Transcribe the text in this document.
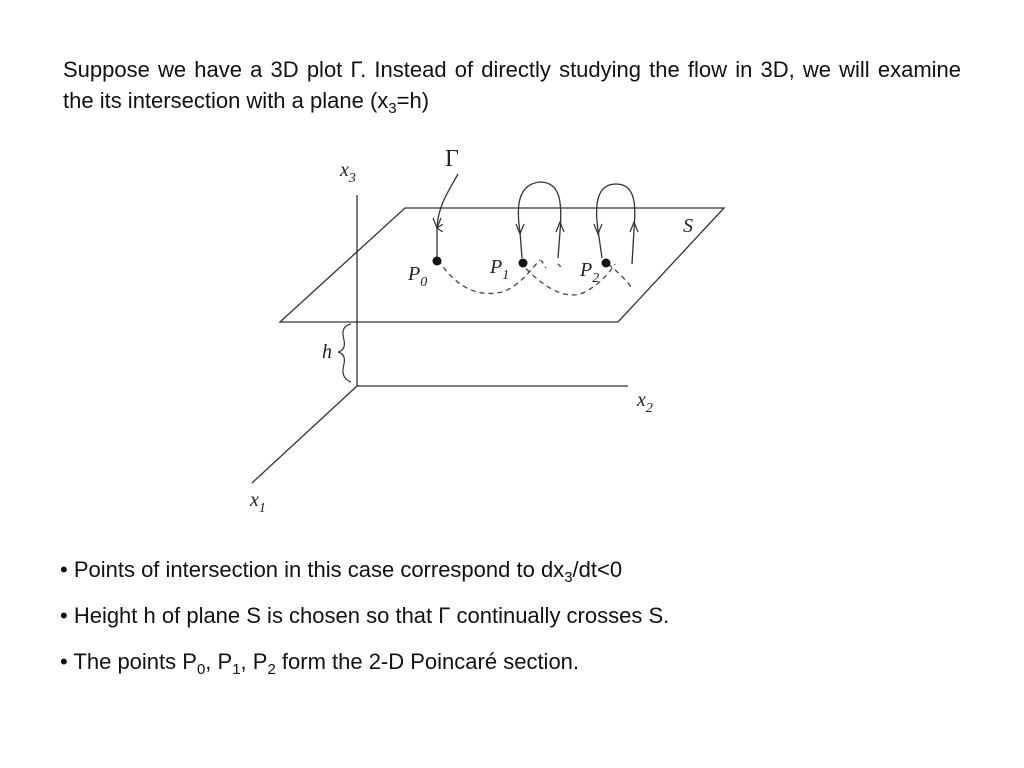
Suppose we have a 3D plot Γ. Instead of directly studying the flow in 3D, we will examine the its intersection with a plane $(x_3=h)$

$x_3$
$x_2$
$x_1$
Γ
S
h
$P_0$
$P_1$	$P_2$

• Points of intersection in this case correspond to $dx_3/dt<0$

• Height h of plane S is chosen so that Γ continually crosses S.

• The points $P_0$, $P_1$, $P_2$ form the 2-D Poincaré section.
